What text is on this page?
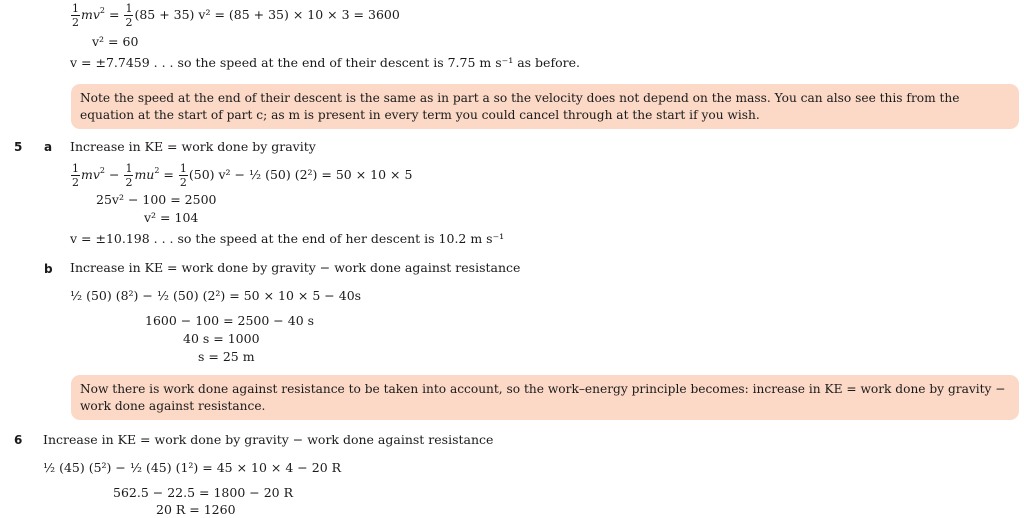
$\frac{1}{2} mv^2 = \frac{1}{2} (85 + 35) v^2 = (85 + 35) \times 10 \times 3 = 3600$
v² = 60
v = ±7.7459 . . . so the speed at the end of their descent is 7.75 m s⁻¹ as before.
Note the speed at the end of their descent is the same as in part a so the velocity does not depend on the mass. You can also see this from the equation at the start of part c; as m is present in every term you could cancel through at the start if you wish.
5 a Increase in KE = work done by gravity
$\frac{1}{2} mv^2 - \frac{1}{2} mu^2 = \frac{1}{2} (50) v^2$ − ½ (50) (2²) = 50 × 10 × 5
25v² − 100 = 2500
v² = 104
v = ±10.198 . . . so the speed at the end of her descent is 10.2 m s⁻¹
b Increase in KE = work done by gravity − work done against resistance
½ (50) (8²) − ½ (50) (2²) = 50 × 10 × 5 − 40s
1600 − 100 = 2500 − 40 s
40 s = 1000
s = 25 m
Now there is work done against resistance to be taken into account, so the work–energy principle becomes: increase in KE = work done by gravity − work done against resistance.
6 Increase in KE = work done by gravity − work done against resistance
½ (45) (5²) − ½ (45) (1²) = 45 × 10 × 4 − 20 R
562.5 − 22.5 = 1800 − 20 R
20 R = 1260
